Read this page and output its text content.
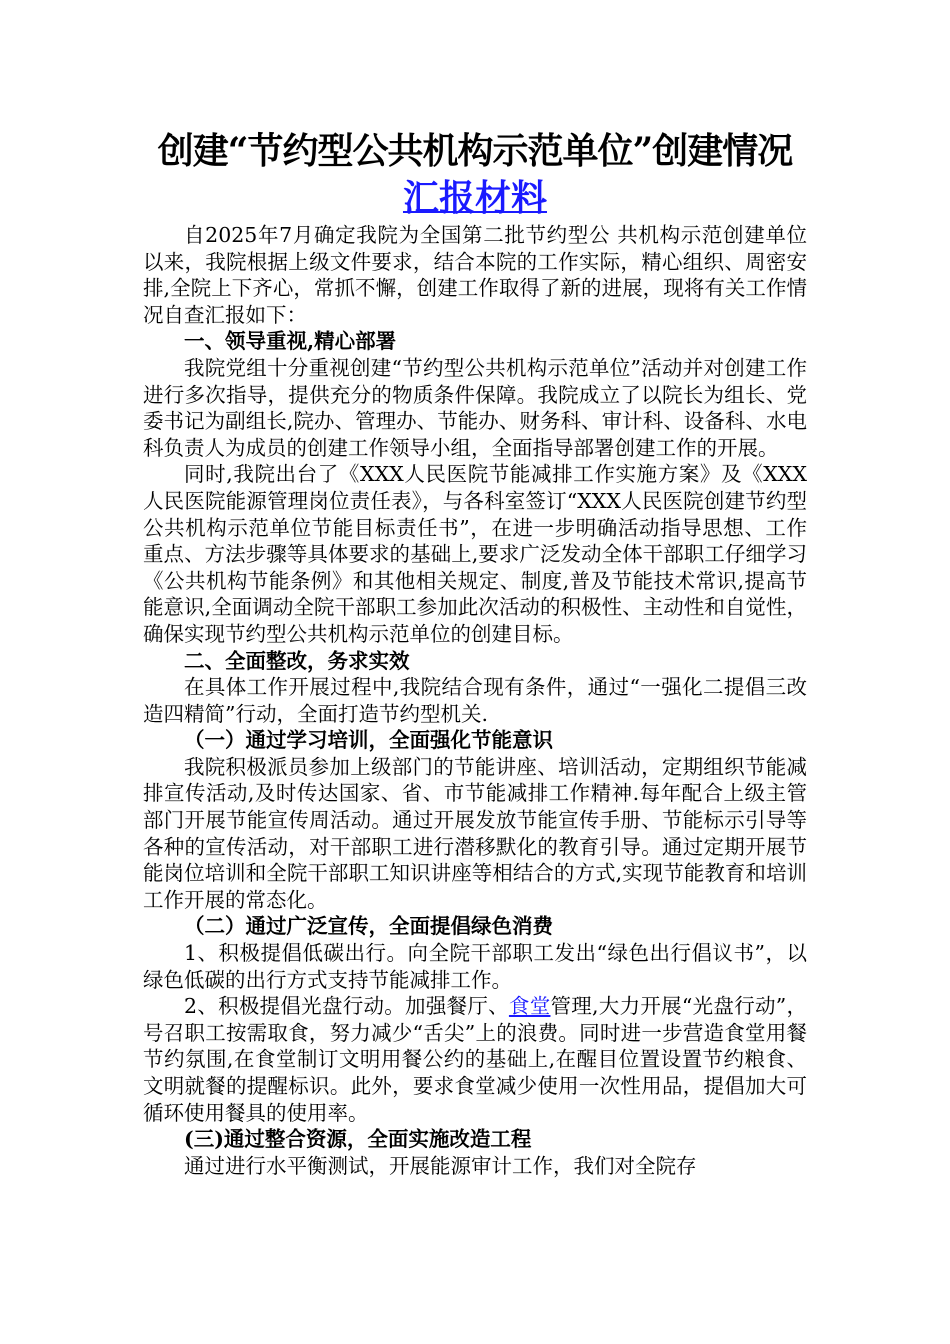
创建“节约型公共机构示范单位”创建情况
汇报材料

自2025年7月确定我院为全国第二批节约型公 共机构示范创建单位以来，我院根据上级文件要求，结合本院的工作实际，精心组织、周密安排,全院上下齐心，常抓不懈，创建工作取得了新的进展，现将有关工作情况自查汇报如下：

一、领导重视,精心部署

我院党组十分重视创建“节约型公共机构示范单位”活动并对创建工作进行多次指导，提供充分的物质条件保障。我院成立了以院长为组长、党委书记为副组长,院办、管理办、节能办、财务科、审计科、设备科、水电科负责人为成员的创建工作领导小组，全面指导部署创建工作的开展。

同时,我院出台了《XXX人民医院节能减排工作实施方案》及《XXX人民医院能源管理岗位责任表》，与各科室签订“XXX人民医院创建节约型公共机构示范单位节能目标责任书”，在进一步明确活动指导思想、工作重点、方法步骤等具体要求的基础上,要求广泛发动全体干部职工仔细学习《公共机构节能条例》和其他相关规定、制度,普及节能技术常识,提高节能意识,全面调动全院干部职工参加此次活动的积极性、主动性和自觉性，确保实现节约型公共机构示范单位的创建目标。

二、全面整改，务求实效

在具体工作开展过程中,我院结合现有条件，通过“一强化二提倡三改造四精简”行动，全面打造节约型机关.

（一）通过学习培训，全面强化节能意识

我院积极派员参加上级部门的节能讲座、培训活动，定期组织节能减排宣传活动,及时传达国家、省、市节能减排工作精神.每年配合上级主管部门开展节能宣传周活动。通过开展发放节能宣传手册、节能标示引导等各种的宣传活动，对干部职工进行潜移默化的教育引导。通过定期开展节能岗位培训和全院干部职工知识讲座等相结合的方式,实现节能教育和培训工作开展的常态化。

（二）通过广泛宣传，全面提倡绿色消费

1、积极提倡低碳出行。向全院干部职工发出“绿色出行倡议书”，以绿色低碳的出行方式支持节能减排工作。

2、积极提倡光盘行动。加强餐厅、食堂管理,大力开展“光盘行动”，号召职工按需取食，努力减少“舌尖”上的浪费。同时进一步营造食堂用餐节约氛围,在食堂制订文明用餐公约的基础上,在醒目位置设置节约粮食、文明就餐的提醒标识。此外，要求食堂减少使用一次性用品，提倡加大可循环使用餐具的使用率。

(三)通过整合资源，全面实施改造工程

通过进行水平衡测试，开展能源审计工作，我们对全院存
